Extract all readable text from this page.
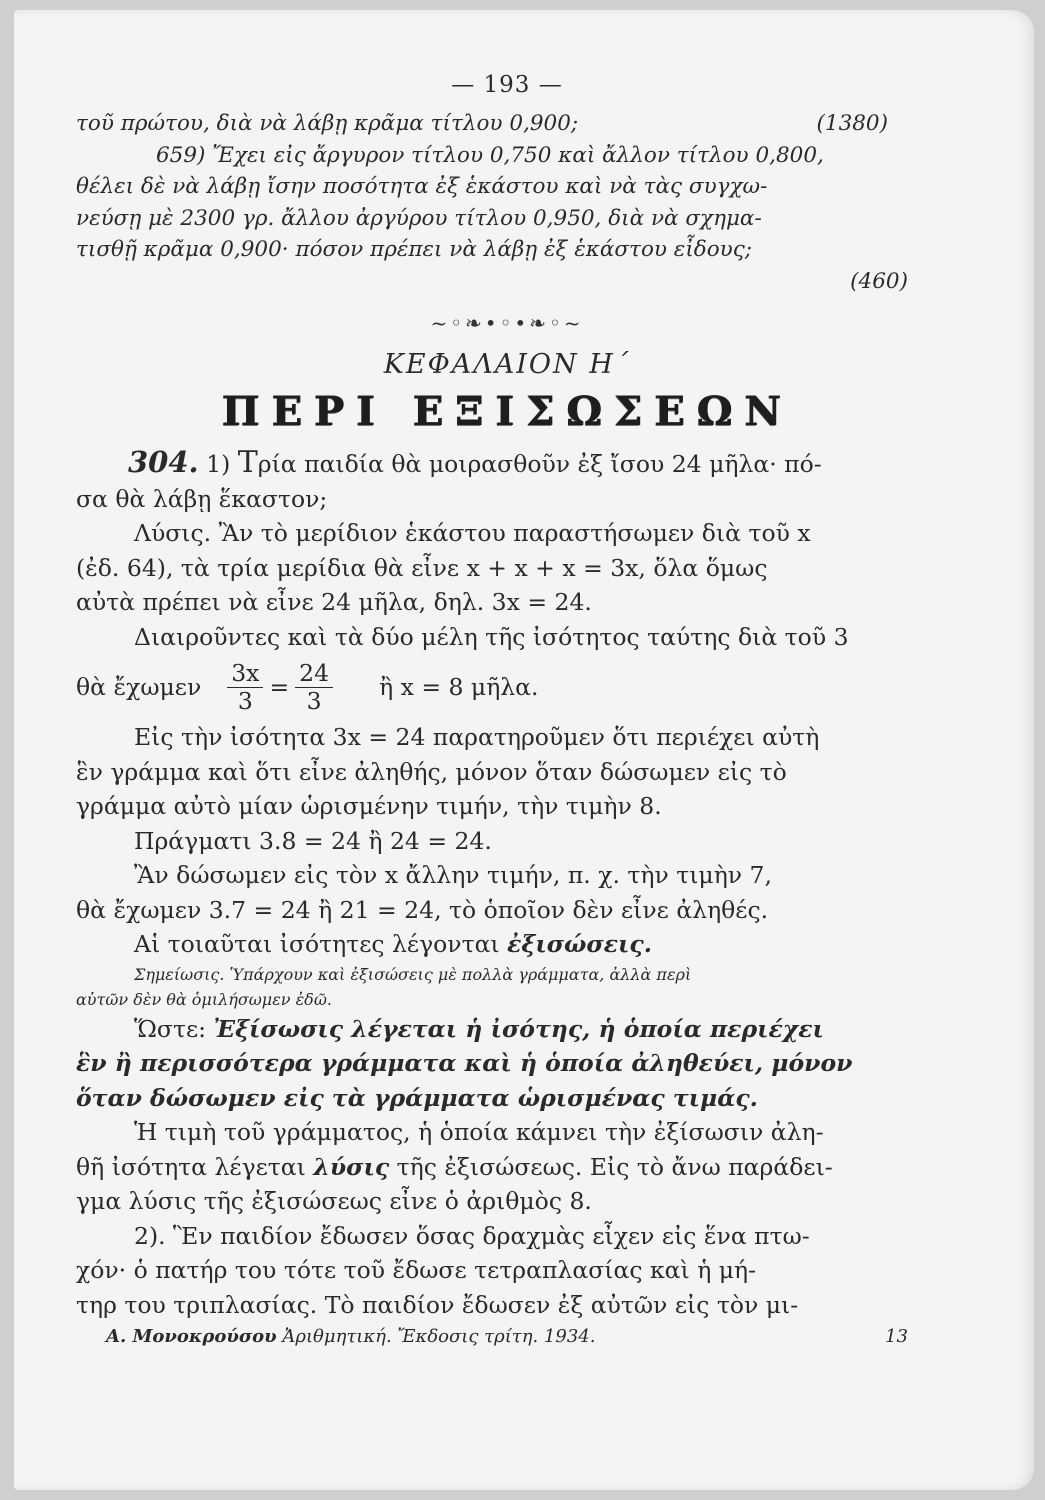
— 193 —
τοῦ πρώτου, διὰ νὰ λάβῃ κρᾶμα τίτλου 0,900;	(1380)
659) Ἔχει εἰς ἄργυρον τίτλου 0,750 καὶ ἄλλον τίτλου 0,800,
θέλει δὲ νὰ λάβῃ ἴσην ποσότητα ἐξ ἑκάστου καὶ νὰ τὰς συγχω-
νεύσῃ μὲ 2300 γρ. ἄλλου ἀργύρου τίτλου 0,950, διὰ νὰ σχημα-
τισθῇ κρᾶμα 0,900· πόσον πρέπει νὰ λάβῃ ἐξ ἑκάστου εἶδους;
(460)
~◦❧•◦•❧◦~
ΚΕΦΑΛΑΙΟΝ Η΄
ΠΕΡΙ ΕΞΙΣΩΣΕΩΝ
304. 1) Τρία παιδία θὰ μοιρασθοῦν ἐξ ἴσου 24 μῆλα· πό-
σα θὰ λάβῃ ἕκαστον;
Λύσις. Ἂν τὸ μερίδιον ἑκάστου παραστήσωμεν διὰ τοῦ x
(ἐδ. 64), τὰ τρία μερίδια θὰ εἶνε x + x + x = 3x, ὅλα ὅμως
αὐτὰ πρέπει νὰ εἶνε 24 μῆλα, δηλ. 3x = 24.
Διαιροῦντες καὶ τὰ δύο μέλη τῆς ἰσότητος ταύτης διὰ τοῦ 3
θὰ ἔχωμεν $\frac{3x}{3} = \frac{24}{3}$ ἢ x = 8 μῆλα.
Εἰς τὴν ἰσότητα 3x = 24 παρατηροῦμεν ὅτι περιέχει αὐτὴ
ἓν γράμμα καὶ ὅτι εἶνε ἀληθής, μόνον ὅταν δώσωμεν εἰς τὸ
γράμμα αὐτὸ μίαν ὡρισμένην τιμήν, τὴν τιμὴν 8.
Πράγματι 3.8 = 24 ἢ 24 = 24.
Ἂν δώσωμεν εἰς τὸν x ἄλλην τιμήν, π. χ. τὴν τιμὴν 7,
θὰ ἔχωμεν 3.7 = 24 ἢ 21 = 24, τὸ ὁποῖον δὲν εἶνε ἀληθές.
Αἱ τοιαῦται ἰσότητες λέγονται ἐξισώσεις.
Σημείωσις. Ὑπάρχουν καὶ ἐξισώσεις μὲ πολλὰ γράμματα, ἀλλὰ περὶ
αὐτῶν δὲν θὰ ὁμιλήσωμεν ἐδῶ.
Ὥστε: Ἐξίσωσις λέγεται ἡ ἰσότης, ἡ ὁποία περιέχει
ἓν ἢ περισσότερα γράμματα καὶ ἡ ὁποία ἀληθεύει, μόνον
ὅταν δώσωμεν εἰς τὰ γράμματα ὡρισμένας τιμάς.
Ἡ τιμὴ τοῦ γράμματος, ἡ ὁποία κάμνει τὴν ἐξίσωσιν ἀλη-
θῆ ἰσότητα λέγεται λύσις τῆς ἐξισώσεως. Εἰς τὸ ἄνω παράδει-
γμα λύσις τῆς ἐξισώσεως εἶνε ὁ ἀριθμὸς 8.
2). Ἓν παιδίον ἔδωσεν ὅσας δραχμὰς εἶχεν εἰς ἕνα πτω-
χόν· ὁ πατήρ του τότε τοῦ ἔδωσε τετραπλασίας καὶ ἡ μή-
τηρ του τριπλασίας. Τὸ παιδίον ἔδωσεν ἐξ αὐτῶν εἰς τὸν μι-
Α. Μονοκρούσου Ἀριθμητική. Ἔκδοσις τρίτη. 1934.	13
